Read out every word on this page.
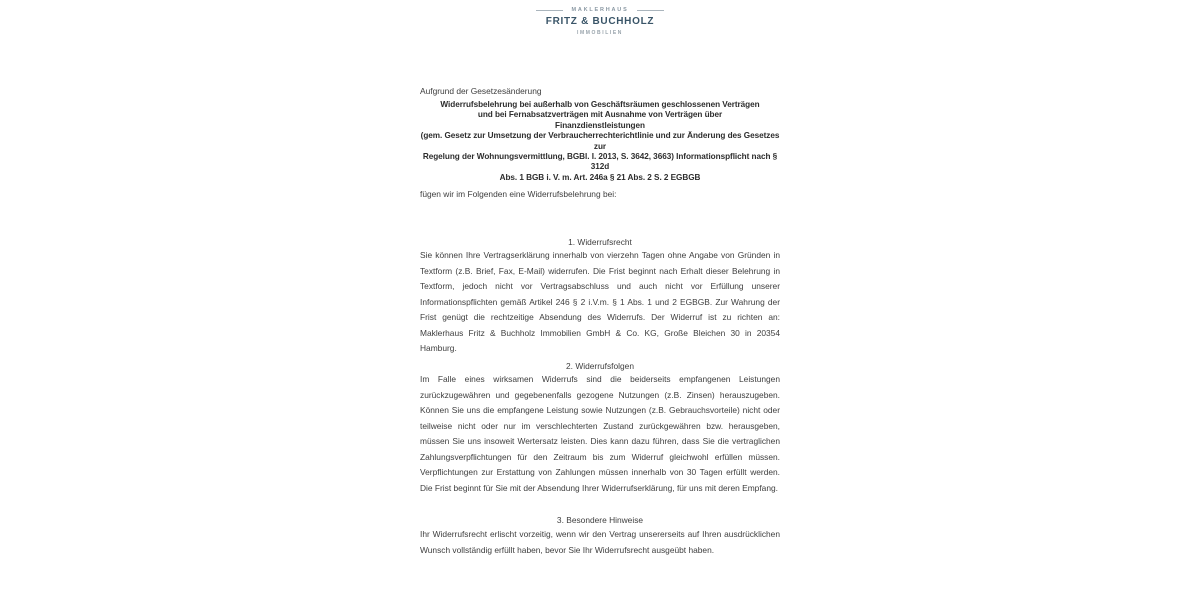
MAKLERHAUS
FRITZ & BUCHHOLZ
IMMOBILIEN
Aufgrund der Gesetzesänderung
Widerrufsbelehrung bei außerhalb von Geschäftsräumen geschlossenen Verträgen
und bei Fernabsatzverträgen mit Ausnahme von Verträgen über
Finanzdienstleistungen
(gem. Gesetz zur Umsetzung der Verbraucherrechterichtlinie und zur Änderung des Gesetzes
zur
Regelung der Wohnungsvermittlung, BGBl. I. 2013, S. 3642, 3663) Informationspflicht nach §
312d
Abs. 1 BGB i. V. m. Art. 246a § 21 Abs. 2 S. 2 EGBGB
fügen wir im Folgenden eine Widerrufsbelehrung bei:
1. Widerrufsrecht

Sie können Ihre Vertragserklärung innerhalb von vierzehn Tagen ohne Angabe von Gründen in Textform (z.B. Brief, Fax, E-Mail) widerrufen. Die Frist beginnt nach Erhalt dieser Belehrung in Textform, jedoch nicht vor Vertragsabschluss und auch nicht vor Erfüllung unserer Informationspflichten gemäß Artikel 246 § 2 i.V.m. § 1 Abs. 1 und 2 EGBGB. Zur Wahrung der Frist genügt die rechtzeitige Absendung des Widerrufs. Der Widerruf ist zu richten an: Maklerhaus Fritz & Buchholz Immobilien GmbH & Co. KG, Große Bleichen 30 in 20354 Hamburg.

2. Widerrufsfolgen

Im Falle eines wirksamen Widerrufs sind die beiderseits empfangenen Leistungen zurückzugewähren und gegebenenfalls gezogene Nutzungen (z.B. Zinsen) herauszugeben. Können Sie uns die empfangene Leistung sowie Nutzungen (z.B. Gebrauchsvorteile) nicht oder teilweise nicht oder nur im verschlechterten Zustand zurückgewähren bzw. herausgeben, müssen Sie uns insoweit Wertersatz leisten. Dies kann dazu führen, dass Sie die vertraglichen Zahlungsverpflichtungen für den Zeitraum bis zum Widerruf gleichwohl erfüllen müssen. Verpflichtungen zur Erstattung von Zahlungen müssen innerhalb von 30 Tagen erfüllt werden. Die Frist beginnt für Sie mit der Absendung Ihrer Widerrufserklärung, für uns mit deren Empfang.

3. Besondere Hinweise

Ihr Widerrufsrecht erlischt vorzeitig, wenn wir den Vertrag unsererseits auf Ihren ausdrücklichen Wunsch vollständig erfüllt haben, bevor Sie Ihr Widerrufsrecht ausgeübt haben.
